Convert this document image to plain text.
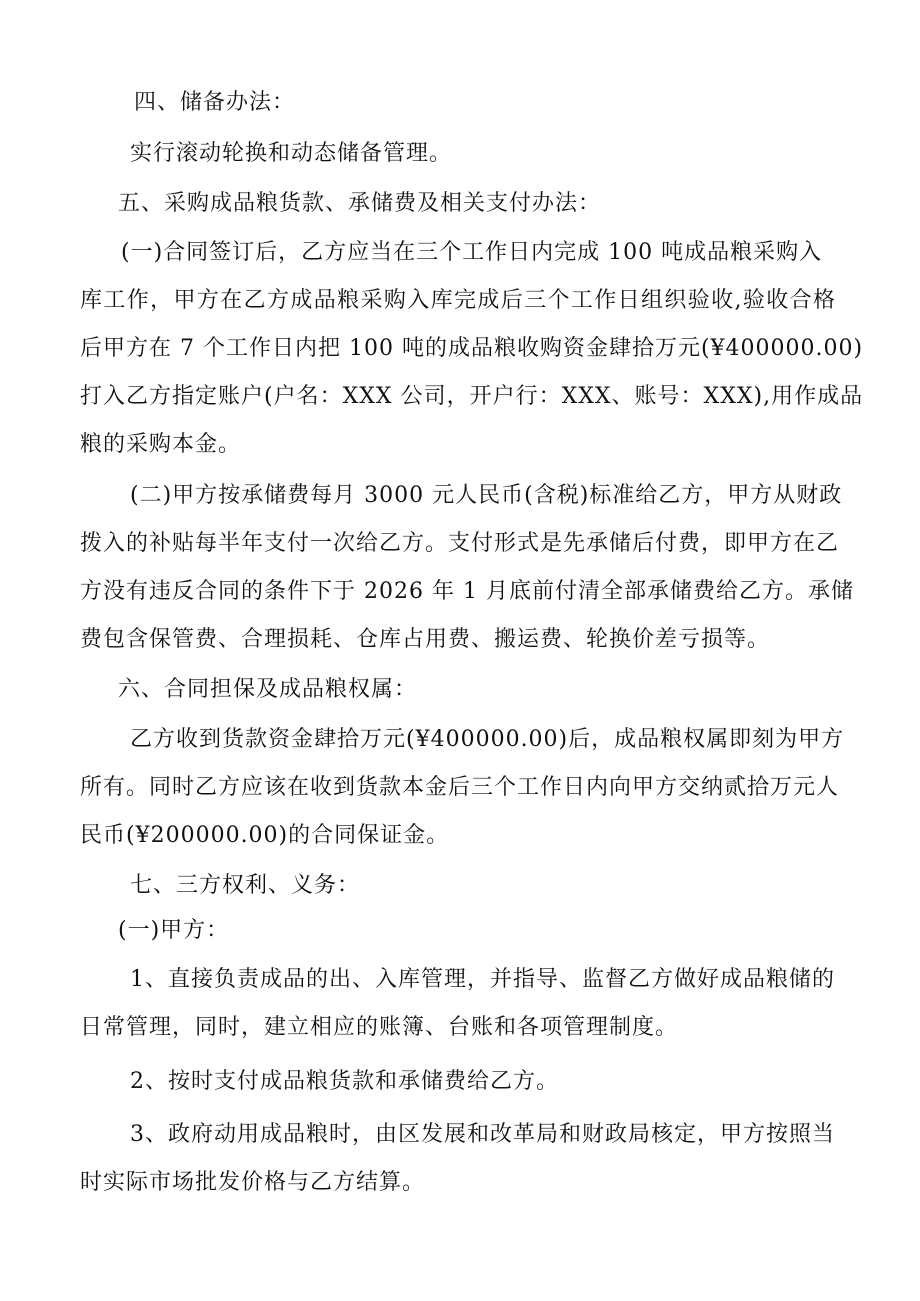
四、储备办法：
实行滚动轮换和动态储备管理。
五、采购成品粮货款、承储费及相关支付办法：
(一)合同签订后，乙方应当在三个工作日内完成 100 吨成品粮采购入
库工作，甲方在乙方成品粮采购入库完成后三个工作日组织验收,验收合格
后甲方在 7 个工作日内把 100 吨的成品粮收购资金肆拾万元(¥400000.00)
打入乙方指定账户(户名：XXX 公司，开户行：XXX、账号：XXX),用作成品
粮的采购本金。
(二)甲方按承储费每月 3000 元人民币(含税)标准给乙方，甲方从财政
拨入的补贴每半年支付一次给乙方。支付形式是先承储后付费，即甲方在乙
方没有违反合同的条件下于 2026 年 1 月底前付清全部承储费给乙方。承储
费包含保管费、合理损耗、仓库占用费、搬运费、轮换价差亏损等。
六、合同担保及成品粮权属：
乙方收到货款资金肆拾万元(¥400000.00)后，成品粮权属即刻为甲方
所有。同时乙方应该在收到货款本金后三个工作日内向甲方交纳贰拾万元人
民币(¥200000.00)的合同保证金。
七、三方权利、义务：
(一)甲方：
1、直接负责成品的出、入库管理，并指导、监督乙方做好成品粮储的
日常管理，同时，建立相应的账簿、台账和各项管理制度。
2、按时支付成品粮货款和承储费给乙方。
3、政府动用成品粮时，由区发展和改革局和财政局核定，甲方按照当
时实际市场批发价格与乙方结算。
